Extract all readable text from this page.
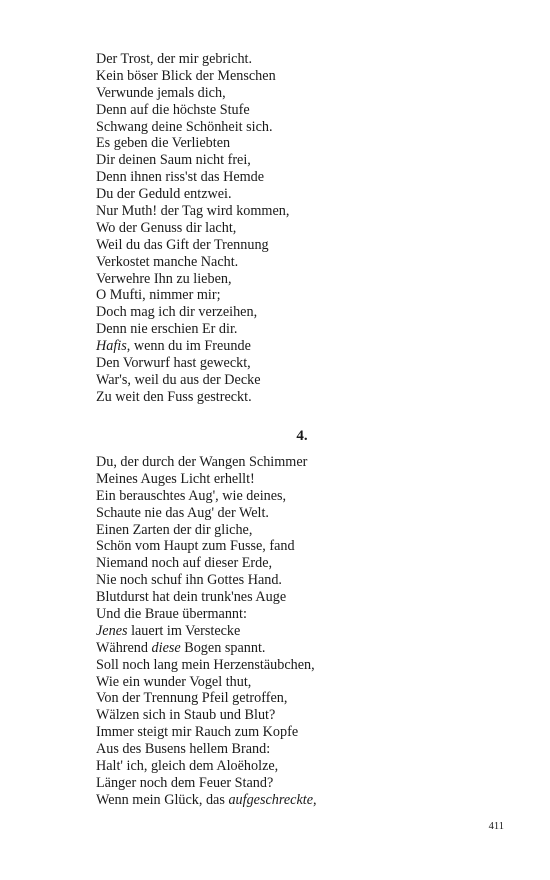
Der Trost, der mir gebricht.
Kein böser Blick der Menschen
Verwunde jemals dich,
Denn auf die höchste Stufe
Schwang deine Schönheit sich.
Es geben die Verliebten
Dir deinen Saum nicht frei,
Denn ihnen riss'st das Hemde
Du der Geduld entzwei.
Nur Muth! der Tag wird kommen,
Wo der Genuss dir lacht,
Weil du das Gift der Trennung
Verkostet manche Nacht.
Verwehre Ihn zu lieben,
O Mufti, nimmer mir;
Doch mag ich dir verzeihen,
Denn nie erschien Er dir.
Hafis, wenn du im Freunde
Den Vorwurf hast geweckt,
War's, weil du aus der Decke
Zu weit den Fuss gestreckt.
4.
Du, der durch der Wangen Schimmer
Meines Auges Licht erhellt!
Ein berauschtes Aug', wie deines,
Schaute nie das Aug' der Welt.
Einen Zarten der dir gliche,
Schön vom Haupt zum Fusse, fand
Niemand noch auf dieser Erde,
Nie noch schuf ihn Gottes Hand.
Blutdurst hat dein trunk'nes Auge
Und die Braue übermannt:
Jenes lauert im Verstecke
Während diese Bogen spannt.
Soll noch lang mein Herzenstäubchen,
Wie ein wunder Vogel thut,
Von der Trennung Pfeil getroffen,
Wälzen sich in Staub und Blut?
Immer steigt mir Rauch zum Kopfe
Aus des Busens hellem Brand:
Halt' ich, gleich dem Aloëholze,
Länger noch dem Feuer Stand?
Wenn mein Glück, das aufgeschreckte,
411
